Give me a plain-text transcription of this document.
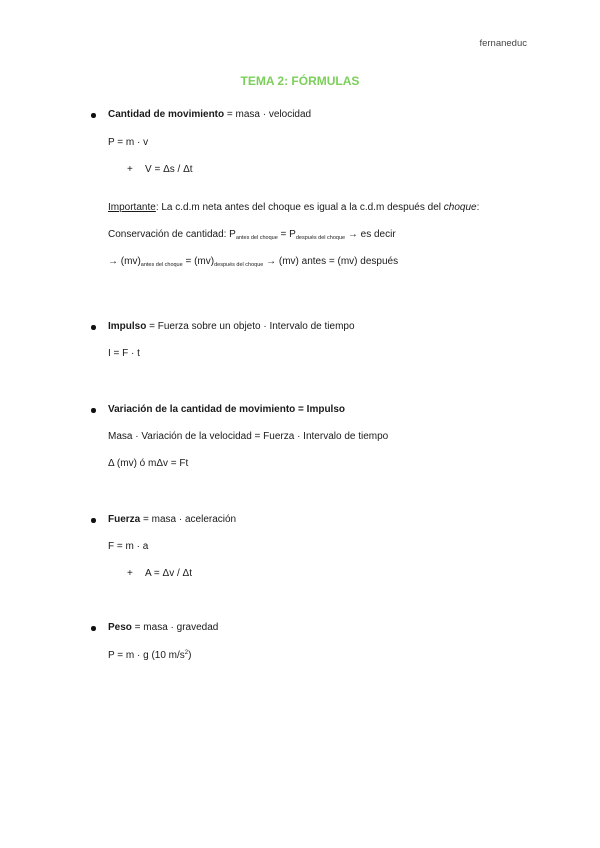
fernaneduc
TEMA 2: FÓRMULAS
Cantidad de movimiento = masa · velocidad
P = m · v
+ V = Δs / Δt
Importante: La c.d.m neta antes del choque es igual a la c.d.m después del choque:
Conservación de cantidad: $P_{antes del choque} = P_{después del choque}$ → es decir
→ $(mv)_{antes del choque} = (mv)_{después del choque} \to (mv)$ antes = (mv) después
Impulso = Fuerza sobre un objeto · Intervalo de tiempo
I = F · t
Variación de la cantidad de movimiento = Impulso
Masa · Variación de la velocidad = Fuerza · Intervalo de tiempo
Δ (mv) ó mΔv = Ft
Fuerza = masa · aceleración
F = m · a
+ A = Δv / Δt
Peso = masa · gravedad
P = m · g (10 $m/s^2$)
